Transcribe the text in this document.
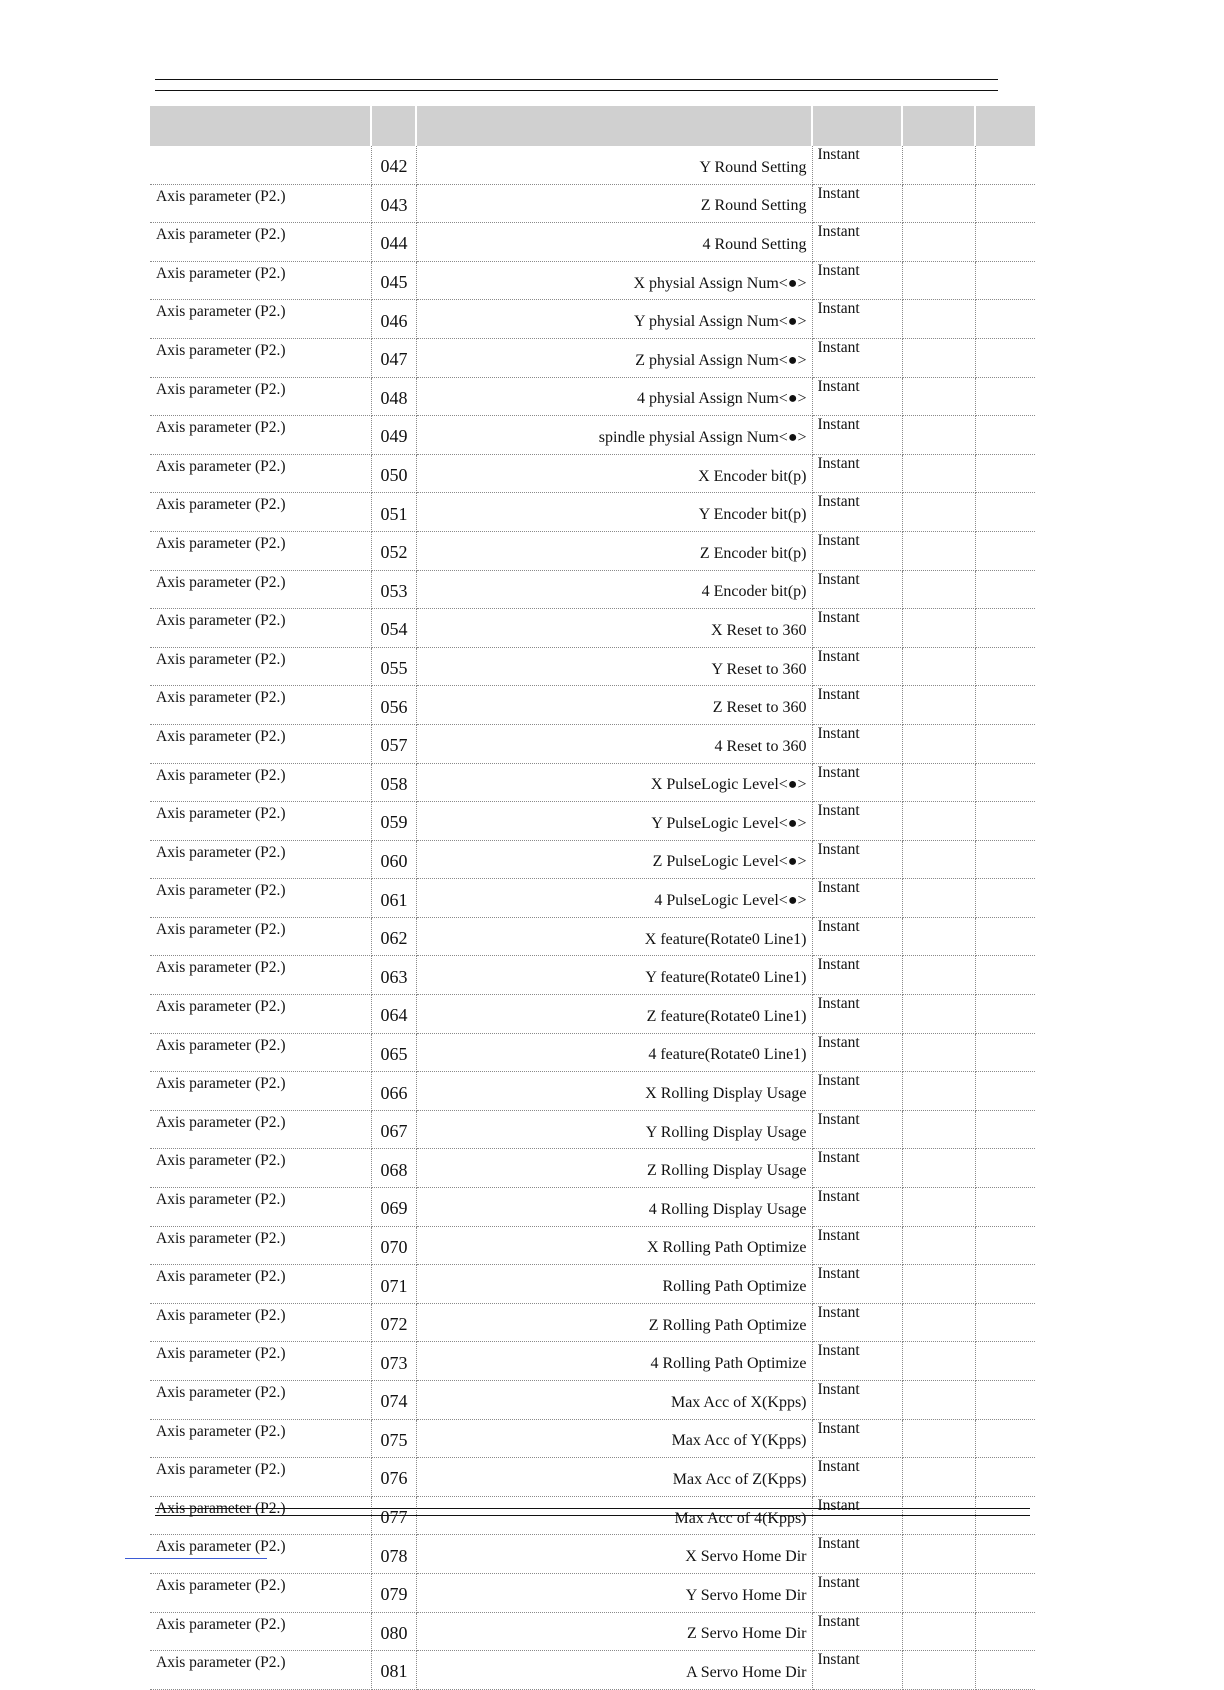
	042	Y Round Setting	Instant		
Axis parameter (P2.)	043	Z Round Setting	Instant		
Axis parameter (P2.)	044	4 Round Setting	Instant		
Axis parameter (P2.)	045	X physial Assign Num<●>	Instant		
Axis parameter (P2.)	046	Y physial Assign Num<●>	Instant		
Axis parameter (P2.)	047	Z physial Assign Num<●>	Instant		
Axis parameter (P2.)	048	4 physial Assign Num<●>	Instant		
Axis parameter (P2.)	049	spindle physial Assign Num<●>	Instant		
Axis parameter (P2.)	050	X Encoder bit(p)	Instant		
Axis parameter (P2.)	051	Y Encoder bit(p)	Instant		
Axis parameter (P2.)	052	Z Encoder bit(p)	Instant		
Axis parameter (P2.)	053	4 Encoder bit(p)	Instant		
Axis parameter (P2.)	054	X Reset to 360	Instant		
Axis parameter (P2.)	055	Y Reset to 360	Instant		
Axis parameter (P2.)	056	Z Reset to 360	Instant		
Axis parameter (P2.)	057	4 Reset to 360	Instant		
Axis parameter (P2.)	058	X PulseLogic Level<●>	Instant		
Axis parameter (P2.)	059	Y PulseLogic Level<●>	Instant		
Axis parameter (P2.)	060	Z PulseLogic Level<●>	Instant		
Axis parameter (P2.)	061	4 PulseLogic Level<●>	Instant		
Axis parameter (P2.)	062	X feature(Rotate0 Line1)	Instant		
Axis parameter (P2.)	063	Y feature(Rotate0 Line1)	Instant		
Axis parameter (P2.)	064	Z feature(Rotate0 Line1)	Instant		
Axis parameter (P2.)	065	4 feature(Rotate0 Line1)	Instant		
Axis parameter (P2.)	066	X Rolling Display Usage	Instant		
Axis parameter (P2.)	067	Y Rolling Display Usage	Instant		
Axis parameter (P2.)	068	Z Rolling Display Usage	Instant		
Axis parameter (P2.)	069	4 Rolling Display Usage	Instant		
Axis parameter (P2.)	070	X Rolling Path Optimize	Instant		
Axis parameter (P2.)	071	Rolling Path Optimize	Instant		
Axis parameter (P2.)	072	Z Rolling Path Optimize	Instant		
Axis parameter (P2.)	073	4 Rolling Path Optimize	Instant		
Axis parameter (P2.)	074	Max Acc of X(Kpps)	Instant		
Axis parameter (P2.)	075	Max Acc of Y(Kpps)	Instant		
Axis parameter (P2.)	076	Max Acc of Z(Kpps)	Instant		
Axis parameter (P2.)	077	Max Acc of 4(Kpps)	Instant		
Axis parameter (P2.)	078	X Servo Home Dir	Instant		
Axis parameter (P2.)	079	Y Servo Home Dir	Instant		
Axis parameter (P2.)	080	Z Servo Home Dir	Instant		
Axis parameter (P2.)	081	A Servo Home Dir	Instant		
